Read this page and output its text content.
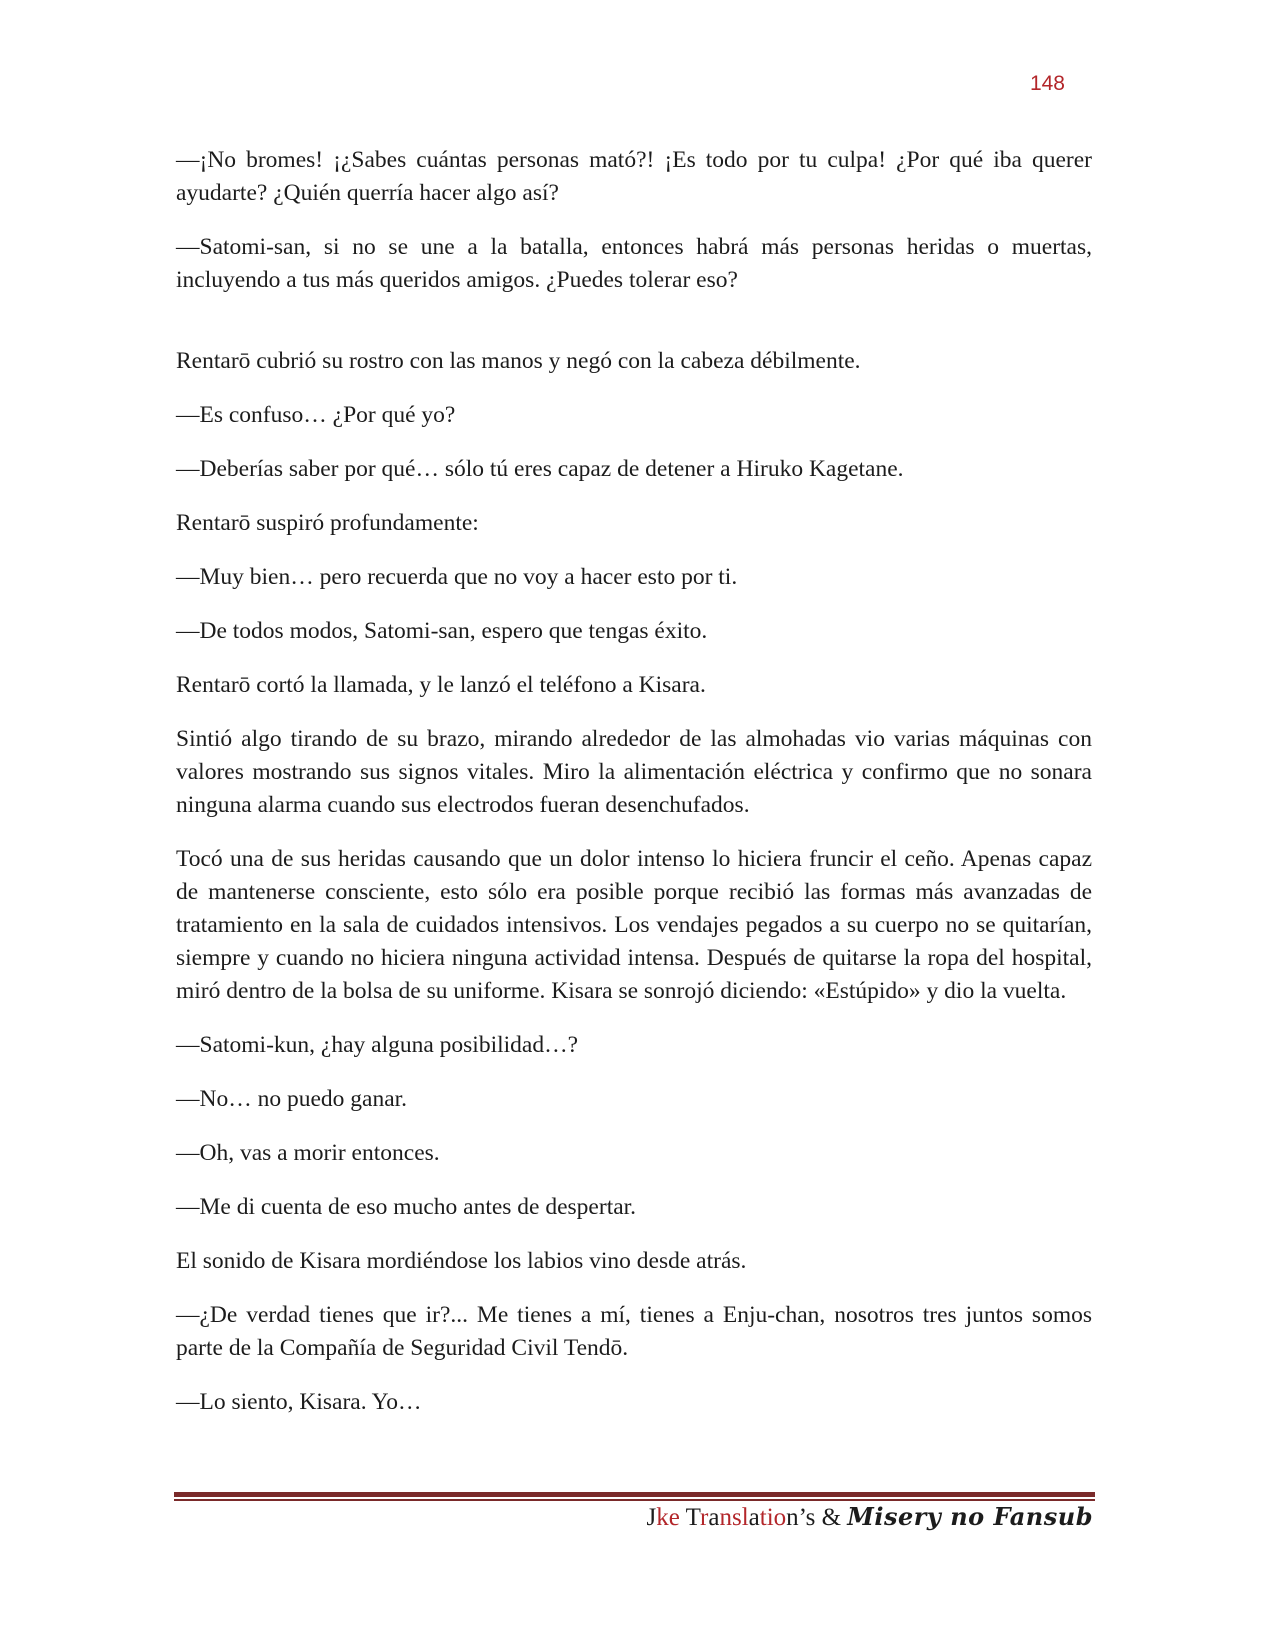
148

—¡No bromes! ¡¿Sabes cuántas personas mató?! ¡Es todo por tu culpa! ¿Por qué iba querer ayudarte? ¿Quién querría hacer algo así?

—Satomi-san, si no se une a la batalla, entonces habrá más personas heridas o muertas, incluyendo a tus más queridos amigos. ¿Puedes tolerar eso?

Rentarō cubrió su rostro con las manos y negó con la cabeza débilmente.

—Es confuso… ¿Por qué yo?

—Deberías saber por qué… sólo tú eres capaz de detener a Hiruko Kagetane.

Rentarō suspiró profundamente:

—Muy bien… pero recuerda que no voy a hacer esto por ti.

—De todos modos, Satomi-san, espero que tengas éxito.

Rentarō cortó la llamada, y le lanzó el teléfono a Kisara.

Sintió algo tirando de su brazo, mirando alrededor de las almohadas vio varias máquinas con valores mostrando sus signos vitales. Miro la alimentación eléctrica y confirmo que no sonara ninguna alarma cuando sus electrodos fueran desenchufados.

Tocó una de sus heridas causando que un dolor intenso lo hiciera fruncir el ceño. Apenas capaz de mantenerse consciente, esto sólo era posible porque recibió las formas más avanzadas de tratamiento en la sala de cuidados intensivos. Los vendajes pegados a su cuerpo no se quitarían, siempre y cuando no hiciera ninguna actividad intensa. Después de quitarse la ropa del hospital, miró dentro de la bolsa de su uniforme. Kisara se sonrojó diciendo: «Estúpido» y dio la vuelta.

—Satomi-kun, ¿hay alguna posibilidad…?

—No… no puedo ganar.

—Oh, vas a morir entonces.

—Me di cuenta de eso mucho antes de despertar.

El sonido de Kisara mordiéndose los labios vino desde atrás.

—¿De verdad tienes que ir?... Me tienes a mí, tienes a Enju-chan, nosotros tres juntos somos parte de la Compañía de Seguridad Civil Tendō.

—Lo siento, Kisara. Yo…

Jke Translation’s & Misery no Fansub
